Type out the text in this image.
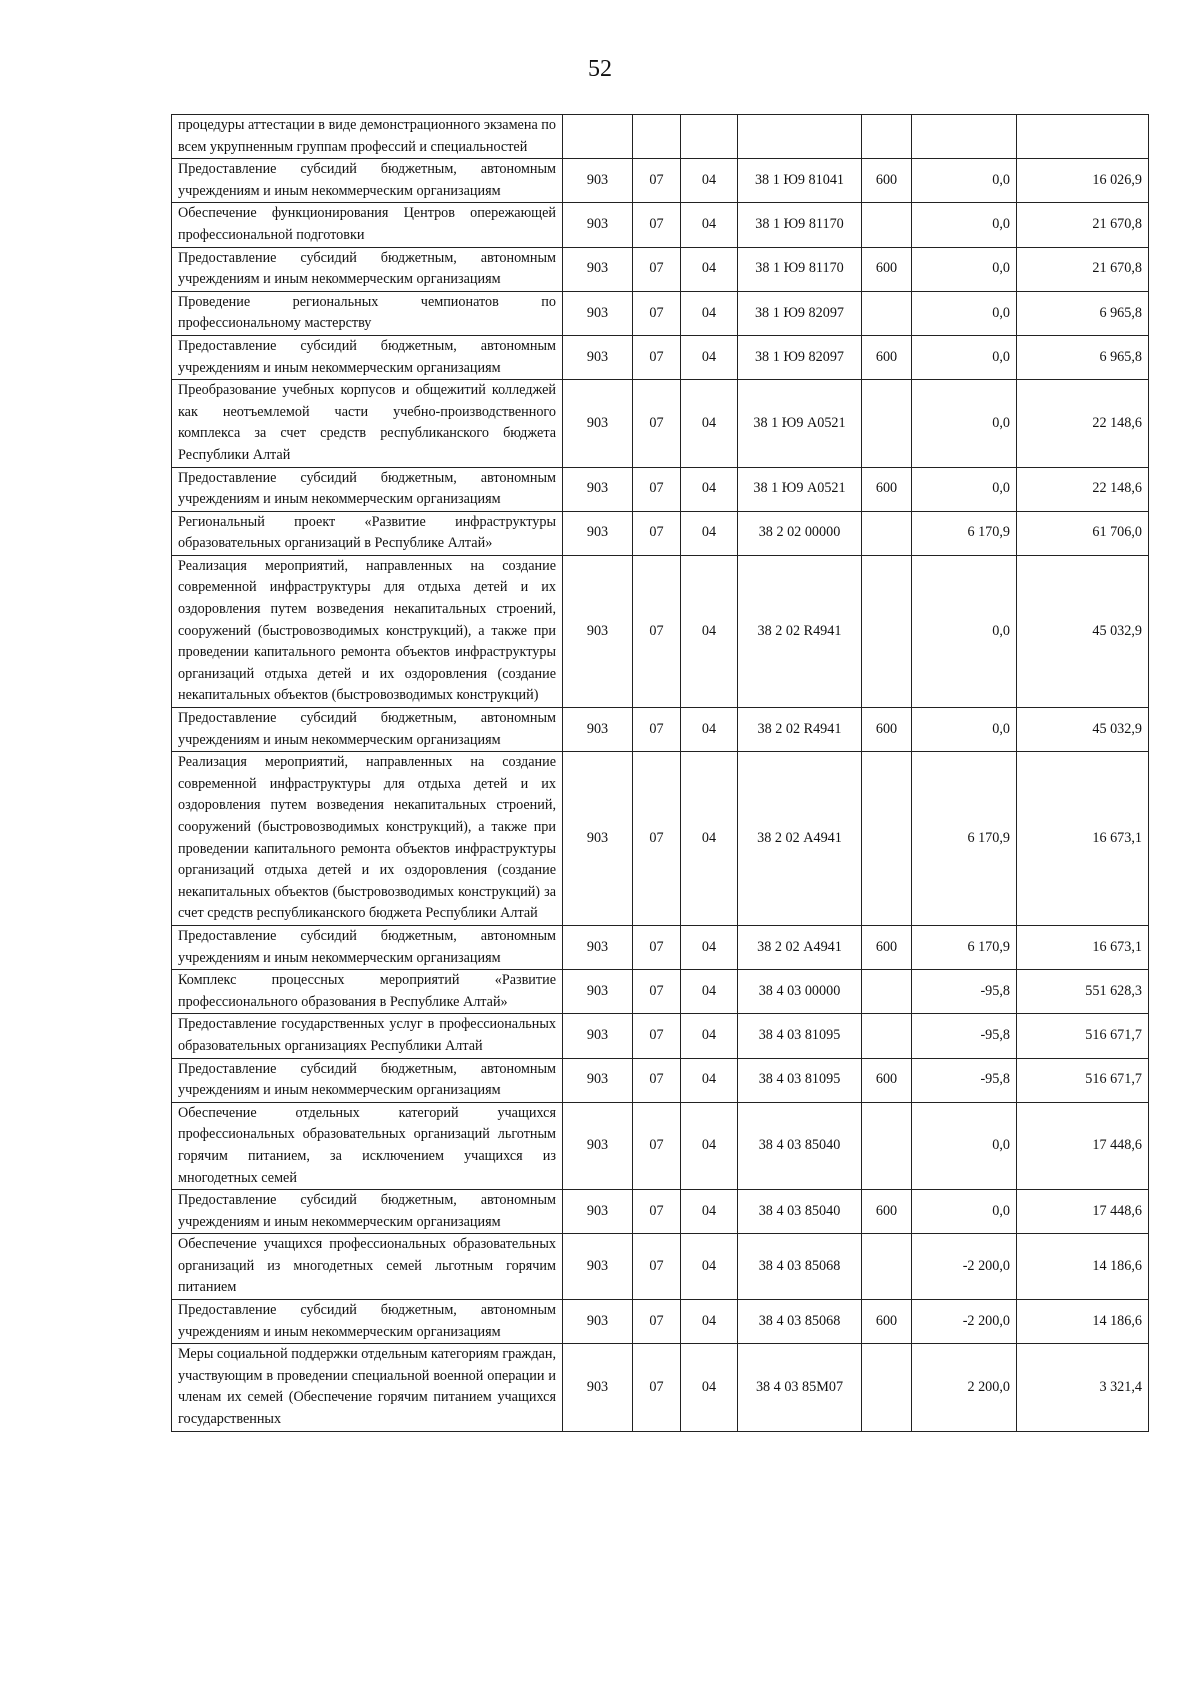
52
процедуры аттестации в виде демонстрационного экзамена по всем укрупненным группам профессий и специальностей							
Предоставление субсидий бюджетным, автономным учреждениям и иным некоммерческим организациям	903	07	04	38 1 Ю9 81041	600	0,0	16 026,9
Обеспечение функционирования Центров опережающей профессиональной подготовки	903	07	04	38 1 Ю9 81170		0,0	21 670,8
Предоставление субсидий бюджетным, автономным учреждениям и иным некоммерческим организациям	903	07	04	38 1 Ю9 81170	600	0,0	21 670,8
Проведение региональных чемпионатов по профессиональному мастерству	903	07	04	38 1 Ю9 82097		0,0	6 965,8
Предоставление субсидий бюджетным, автономным учреждениям и иным некоммерческим организациям	903	07	04	38 1 Ю9 82097	600	0,0	6 965,8
Преобразование учебных корпусов и общежитий колледжей как неотъемлемой части учебно-производственного комплекса за счет средств республиканского бюджета Республики Алтай	903	07	04	38 1 Ю9 А0521		0,0	22 148,6
Предоставление субсидий бюджетным, автономным учреждениям и иным некоммерческим организациям	903	07	04	38 1 Ю9 А0521	600	0,0	22 148,6
Региональный проект «Развитие инфраструктуры образовательных организаций в Республике Алтай»	903	07	04	38 2 02 00000		6 170,9	61 706,0
Реализация мероприятий, направленных на создание современной инфраструктуры для отдыха детей и их оздоровления путем возведения некапитальных строений, сооружений (быстровозводимых конструкций), а также при проведении капитального ремонта объектов инфраструктуры организаций отдыха детей и их оздоровления (создание некапитальных объектов (быстровозводимых конструкций)	903	07	04	38 2 02 R4941		0,0	45 032,9
Предоставление субсидий бюджетным, автономным учреждениям и иным некоммерческим организациям	903	07	04	38 2 02 R4941	600	0,0	45 032,9
Реализация мероприятий, направленных на создание современной инфраструктуры для отдыха детей и их оздоровления путем возведения некапитальных строений, сооружений (быстровозводимых конструкций), а также при проведении капитального ремонта объектов инфраструктуры организаций отдыха детей и их оздоровления (создание некапитальных объектов (быстровозводимых конструкций) за счет средств республиканского бюджета Республики Алтай	903	07	04	38 2 02 А4941		6 170,9	16 673,1
Предоставление субсидий бюджетным, автономным учреждениям и иным некоммерческим организациям	903	07	04	38 2 02 А4941	600	6 170,9	16 673,1
Комплекс процессных мероприятий «Развитие профессионального образования в Республике Алтай»	903	07	04	38 4 03 00000		-95,8	551 628,3
Предоставление государственных услуг в профессиональных образовательных организациях Республики Алтай	903	07	04	38 4 03 81095		-95,8	516 671,7
Предоставление субсидий бюджетным, автономным учреждениям и иным некоммерческим организациям	903	07	04	38 4 03 81095	600	-95,8	516 671,7
Обеспечение отдельных категорий учащихся профессиональных образовательных организаций льготным горячим питанием, за исключением учащихся из многодетных семей	903	07	04	38 4 03 85040		0,0	17 448,6
Предоставление субсидий бюджетным, автономным учреждениям и иным некоммерческим организациям	903	07	04	38 4 03 85040	600	0,0	17 448,6
Обеспечение учащихся профессиональных образовательных организаций из многодетных семей льготным горячим питанием	903	07	04	38 4 03 85068		-2 200,0	14 186,6
Предоставление субсидий бюджетным, автономным учреждениям и иным некоммерческим организациям	903	07	04	38 4 03 85068	600	-2 200,0	14 186,6
Меры социальной поддержки отдельным категориям граждан, участвующим в проведении специальной военной операции и членам их семей (Обеспечение горячим питанием учащихся государственных	903	07	04	38 4 03 85М07		2 200,0	3 321,4
